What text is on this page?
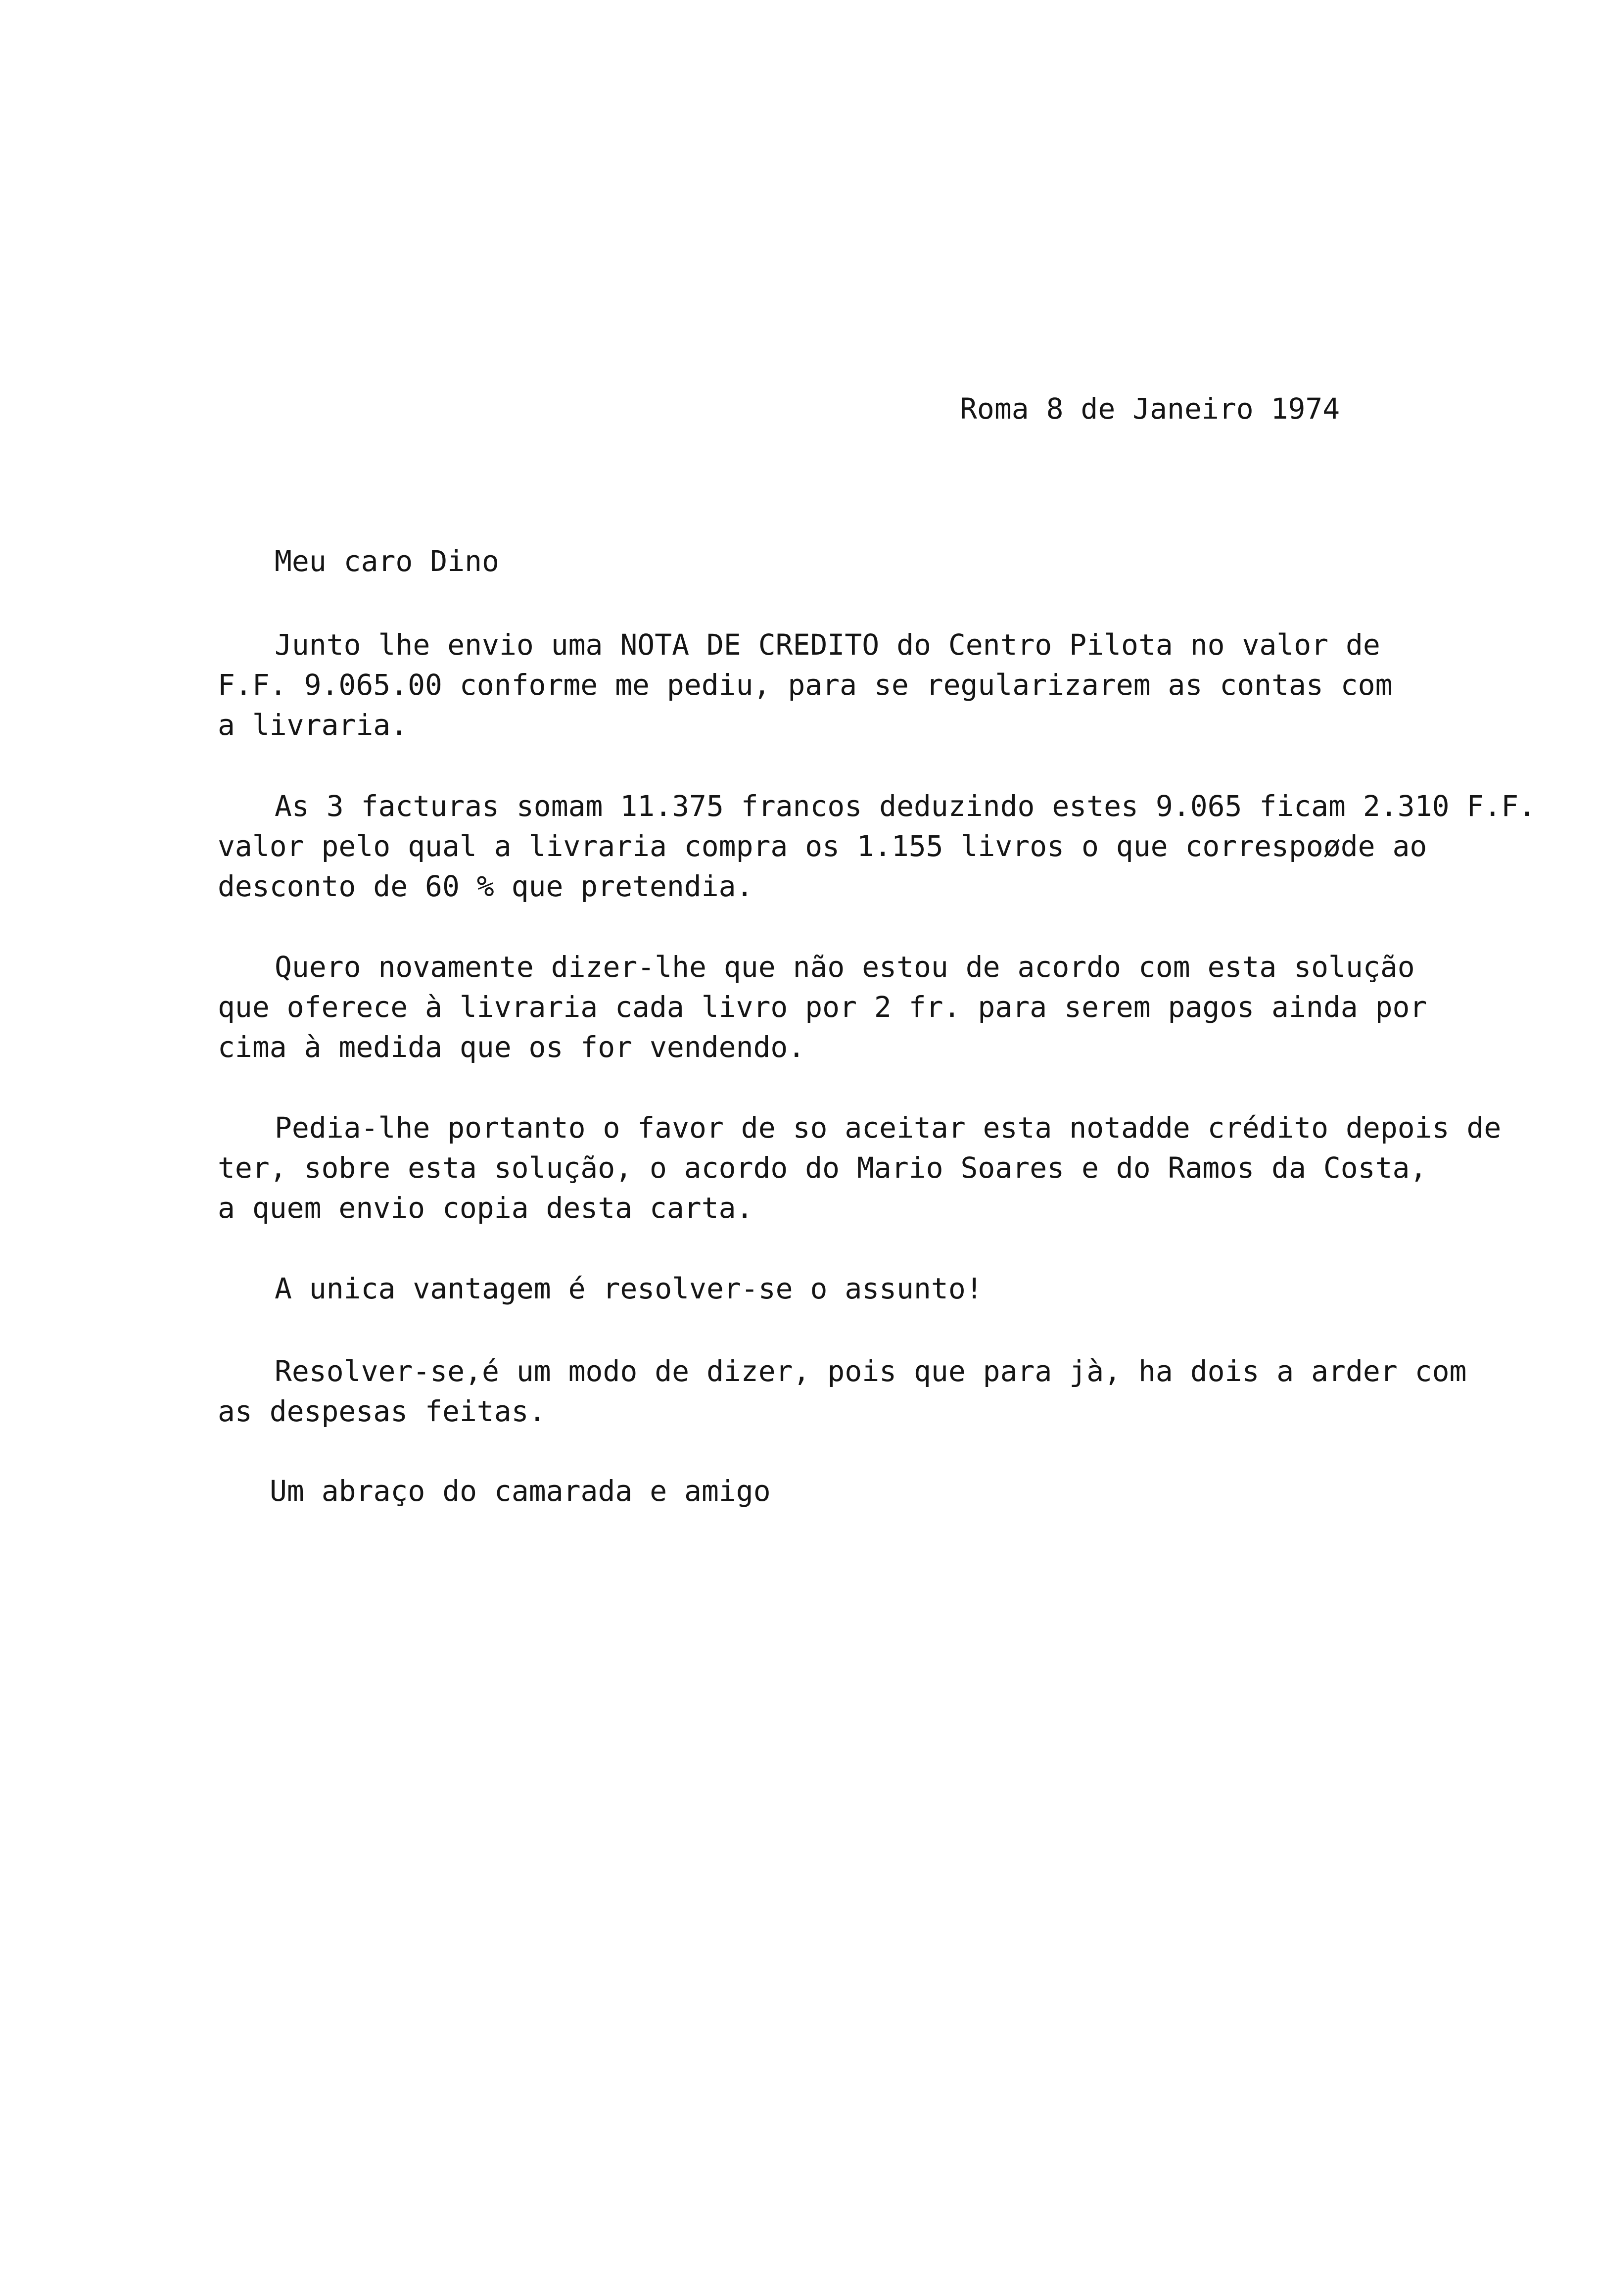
Roma 8 de Janeiro 1974
Meu caro Dino
Junto lhe envio uma NOTA DE CREDITO do Centro Pilota no valor de
F.F. 9.065.00 conforme me pediu, para se regularizarem as contas com
a livraria.
As 3 facturas somam 11.375 francos deduzindo estes 9.065 ficam 2.310 F.F.
valor pelo qual a livraria compra os 1.155 livros o que correspoøde ao
desconto de 60 % que pretendia.
Quero novamente dizer-lhe que não estou de acordo com esta solução
que oferece à livraria cada livro por 2 fr. para serem pagos ainda por
cima à medida que os for vendendo.
Pedia-lhe portanto o favor de so aceitar esta notadde crédito depois de
ter, sobre esta solução, o acordo do Mario Soares e do Ramos da Costa,
a quem envio copia desta carta.
A unica vantagem é resolver-se o assunto!
Resolver-se,é um modo de dizer, pois que para jà, ha dois a arder com
as despesas feitas.
Um abraço do camarada e amigo
